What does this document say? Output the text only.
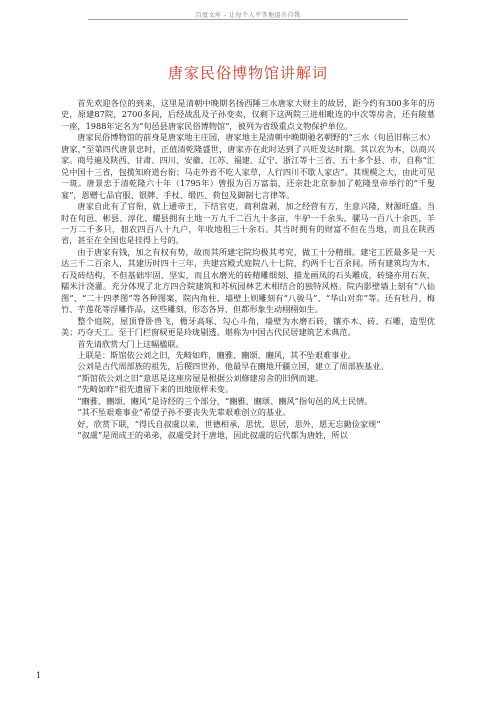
百度文库 - 让每个人平等地提升自我
唐家民俗博物馆讲解词

首先欢迎各位的到来，这里是清朝中晚期名扬西陲三水唐家大财主的故居，距今约有300多年的历史，原建87院，2700多间，后经战乱及子孙变卖，仅剩下这两院三进相毗连的中次等房舍，还有陵墓一座，1988年定名为“旬邑县唐家民俗博物馆”，被列为省级重点文物保护单位。

唐家民俗博物馆的前身是唐家地主庄园，唐家地主是清朝中晚期驰名朝野的“三水（旬邑旧称三水）唐家，”至第四代唐景忠时，正值清乾隆盛世，唐家亦在此时达到了兴旺发达时期。其以农为本，以商兴家。商号遍及陕西、甘肃、四川、安徽、江苏、福建、辽宁、浙江等十三省、五十多个县、市，自称“汇兑中国十三省，包揽知府道台衔；马走外省不吃人家草，人行四川不歇人家店”。其规模之大，由此可见一斑。唐景忠于清乾隆六十年（1795年）曾报为百万富翁，还亲赴北京参加了乾隆皇帝举行的“千叟宴”，恩赠七品官服、银牌、手杖、缎匹、荷包及御制七言律等。

唐家自此有了官衔，就上通帝王，下结官吏，商利盘剥，加之经营有方，生意兴隆，财源旺盛。当时在旬邑、彬县、淳化、耀县拥有土地一万九千二百九十多亩，牛驴一千余头，骡马一百八十余匹，羊一万二千多只，佃农四百八十九户，年收地租三十余石。其当时拥有的财富不但在当地，而且在陕西省，甚至在全国也是挂得上号的。

由于唐家有钱，加之有权有势，故而其所建宅院均极其考究，做工十分精细。建宅工匠最多是一天达三千二百余人，其建历时四十三年，共建宫殿式庭院八十七院，约两千七百余间。所有建筑均为木、石及砖结构，不但基础牢固、坚实，而且水磨光的砖精雕细刻、描龙画凤的石头雕成，砖缝亦用石灰，糯米汁浇灌。充分体现了北方四合院建筑和苏杭园林艺术相结合的独特风格。院内影壁墙上刻有“八仙图”、“二十四孝图”等各种图案，院内角柱、墙壁上则雕刻有“八骏马”、“华山对弈”等。还有牡丹、梅竹、芋莲花等浮雕作品，这些雕刻，形态各异，但都形象生动栩栩如生。

整个庭院，屋顶脊卧兽飞，檐牙高啄、勾心斗角，墙壁为水磨石砖，镶亦木、砖、石雕，造型优美；巧夺天工。至于门栏窗棂更是玲珑剔透。堪称为中国古代民居建筑艺术典范。

首先请欣赏大门上这幅楹联。

上联是：斯馆依公刘之旧，先畸如昨，豳雅、豳颂、豳风，其不坠艰难事业。

公刘是古代周部族的祖先，后稷四世孙，他最早在豳地开疆立国，建立了周部族基业。

“斯馆依公刘之旧”意思是这座房屋是根据公刘修建房舍的旧例而建。

“先畸如昨”祖先遗留下来的田地原样未变。

“豳雅、豳颂、豳风”是诗经的三个部分，“豳雅、豳颂、豳风”指旬邑的风土民情。

“其不坠艰难事业”希望子孙不要丧失先辈艰难创立的基业。

好，欣赏下联，“得氏自叔虞以来，世德相承，思忧，思居，思外，愿无忘勤俭家规”

“叔虞”是周成王的弟弟，叔虞受封于唐地，因此叔虞的后代都为唐姓，所以

1
